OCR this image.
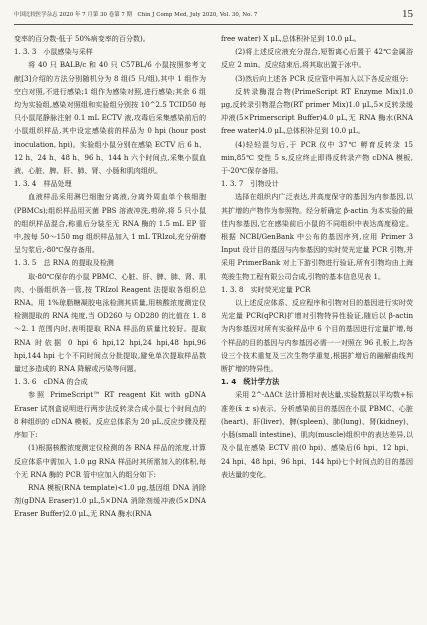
中国比较医学杂志 2020 年 7 月第 30 卷第 7 期　Chin J Comp Med, July 2020, Vol. 30, No. 7	15

变率的百分数-低于 50%病变率的百分数)。

1. 3. 3　小鼠感染与采样

将 40 只 BALB/c 和 40 只 C57BL/6 小鼠按照参考文献[3]介绍的方法分别随机分为 8 组(5 只/组),其中 1 组作为空白对照,不进行感染;1 组作为感染对照,进行感染;其余 6 组均为实验组,感染对照组和实验组分别按 10^2.5 TCID50 每只小鼠尾静脉注射 0.1 mL ECTV 液,攻毒后采集感染前后的小鼠组织样品,其中设定感染前的样品为 0 hpi (hour post inoculation, hpi)。实验组小鼠分别在感染 ECTV 后 6 h、12 h、24 h、48 h、96 h、144 h 六个时间点,采集小鼠血液、心脏、脾、肝、肺、肾、小肠和肌肉组织。

1. 3. 4　样品处理

血液样品采用淋巴细胞分离液,分离外周血单个核细胞(PBMCs);组织样品用灭菌 PBS 溶液冲洗,剪碎,将 5 只小鼠的组织样品混合,称重后分装至无 RNA 酶的 1.5 mL EP 管中,按每 50～150 mg 组织样品加入 1 mL TRIzol,充分研磨呈匀浆后,-80℃保存备用。

1. 3. 5　总 RNA 的提取及检测

取-80℃保存的小鼠 PBMC、心脏、肝、脾、肺、肾、肌肉、小肠组织各一管,按 TRIzol Reagent 法提取各组织总 RNA。用 1%琼脂糖凝胶电泳检测其质量,用核酸浓度测定仪检测提取的 RNA 纯度,当 OD260 与 OD280 的比值在 1. 8～2. 1 范围内时,表明提取 RNA 样品的质量比较好。提取 RNA 时依据 0 hpi 6 hpi,12 hpi,24 hpi,48 hpi,96 hpi,144 hpi 七个不同时间点分批提取,避免单次提取样品数量过多造成的 RNA 降解或污染等问题。

1. 3. 6　cDNA 的合成

参照 PrimeScript™ RT reagent Kit with gDNA Eraser 试剂盒说明进行两步法反转录合成小鼠七个时间点的 8 种组织的 cDNA 模板。反应总体系为 20 μL,反应步骤及程序如下:

(1)根据核酸浓度测定仪检测的各 RNA 样品的浓度,计算反应体系中需加入 1.0 μg RNA 样品时其所需加入的体积,每个无 RNA 酶的 PCR 管中应加入的组分如下:

RNA 模板(RNA template)<1.0 μg,基因组 DNA 消除剂(gDNA Eraser)1.0 μL,5×DNA 消除剂缓冲液(5×DNA Eraser Buffer)2.0 μL,无 RNA 酶水(RNA

free water) X μL,总体积补足到 10.0 μL。

(2)将上述反应液充分混合,短暂离心后置于 42℃金属浴反应 2 min。反应结束后,将其取出置于冰中。

(3)然后向上述各 PCR 反应管中再加入以下各反应组分:

反转录酶混合物(PrimeScript RT Enzyme Mix)1.0 μg,反转录引物混合物(RT primer Mix)1.0 μL,5×反转录缓冲液(5×Primerscript Buffer)4.0 μL,无 RNA 酶水(RNA free water)4.0 μL,总体积补足到 10.0 μL。

(4)轻轻混匀后,于 PCR 仪中 37℃ 孵育反转录 15 min,85℃ 变性 5 s,反应终止即得反转录产物 cDNA 模板,于-20℃保存备用。

1. 3. 7　引物设计

选择在组织内广泛表达,并高度保守的基因为内参基因,以其扩增的产物作为参照物。经分析确定 β-actin 为本实验的最佳内参基因,它在感染前后小鼠的不同组织中表达高度稳定。根据 NCBI/GenBank 中公布的基因序列,应用 Primer 3 Input 设计目的基因与内参基因的实时荧光定量 PCR 引物,并采用 PrimerBank 对上下游引物进行验证,所有引物均由上海英骏生物工程有限公司合成,引物的基本信息见表 1。

1. 3. 8　实时荧光定量 PCR

以上述反应体系、反应程序和引物对目的基因进行实时荧光定量 PCR(qPCR)扩增对引物特异性验证,随后以 β-actin 为内参基因对所有实验样品中 6 个目的基因进行定量扩增,每个样品的目的基因与内参基因必需一一对照在 96 孔板上,均各设三个技术重复及三次生物学重复,根据扩增后的融解曲线判断扩增的特异性。

1. 4　统计学方法

采用 2^-ΔΔCt 法计算相对表达量,实验数据以平均数+标准差(x̄ ± s)表示。分析感染前目的基因在小鼠 PBMC、心脏(heart)、肝(liver)、脾(spleen)、肺(lung)、肾(kidney)、小肠(small intestine)、肌肉(muscle)组织中的表达差异,以及小鼠在感染 ECTV 前(0 hpi)、感染后(6 hpi、12 hpi、24 hpi、48 hpi、96 hpi、144 hpi)七个时间点的目的基因表达量的变化。
